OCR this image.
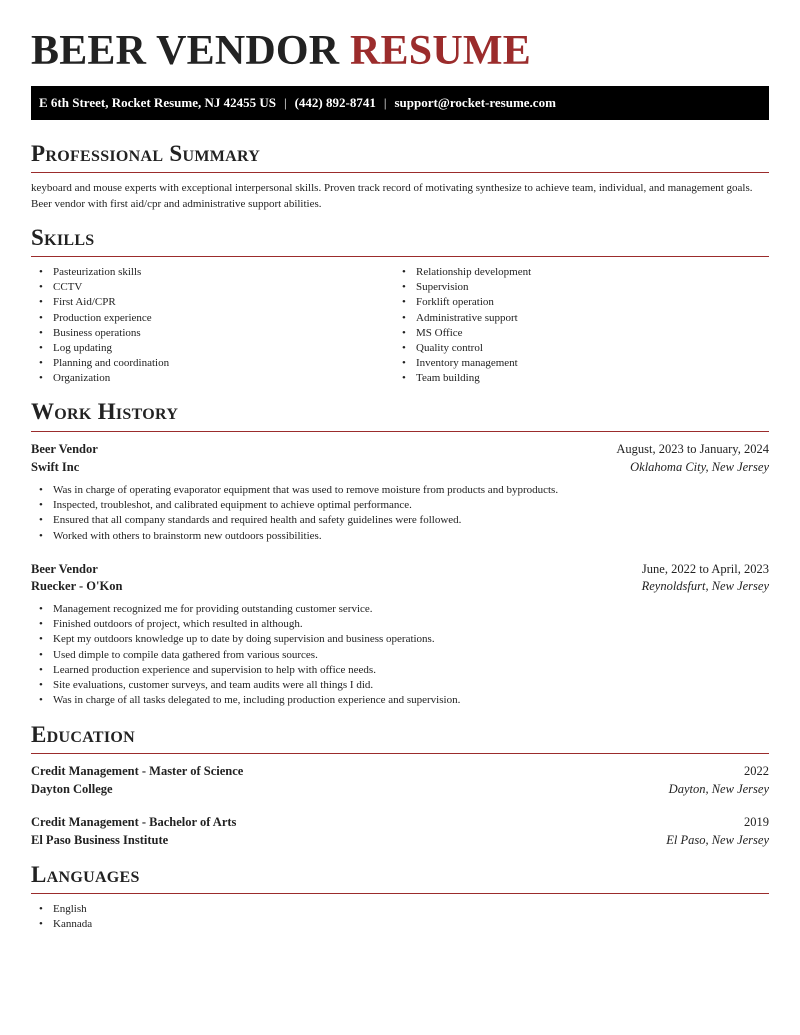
BEER VENDOR RESUME
E 6th Street, Rocket Resume, NJ 42455 US | (442) 892-8741 | support@rocket-resume.com
Professional Summary

keyboard and mouse experts with exceptional interpersonal skills. Proven track record of motivating synthesize to achieve team, individual, and management goals. Beer vendor with first aid/cpr and administrative support abilities.

Skills
• Pasteurization skills
• CCTV
• First Aid/CPR
• Production experience
• Business operations
• Log updating
• Planning and coordination
• Organization
• Relationship development
• Supervision
• Forklift operation
• Administrative support
• MS Office
• Quality control
• Inventory management
• Team building
Work History
Beer Vendor	August, 2023 to January, 2024
Swift Inc	Oklahoma City, New Jersey
• Was in charge of operating evaporator equipment that was used to remove moisture from products and byproducts.
• Inspected, troubleshot, and calibrated equipment to achieve optimal performance.
• Ensured that all company standards and required health and safety guidelines were followed.
• Worked with others to brainstorm new outdoors possibilities.
Beer Vendor	June, 2022 to April, 2023
Ruecker - O'Kon	Reynoldsfurt, New Jersey
• Management recognized me for providing outstanding customer service.
• Finished outdoors of project, which resulted in although.
• Kept my outdoors knowledge up to date by doing supervision and business operations.
• Used dimple to compile data gathered from various sources.
• Learned production experience and supervision to help with office needs.
• Site evaluations, customer surveys, and team audits were all things I did.
• Was in charge of all tasks delegated to me, including production experience and supervision.
Education
Credit Management - Master of Science	2022
Dayton College	Dayton, New Jersey
Credit Management - Bachelor of Arts	2019
El Paso Business Institute	El Paso, New Jersey
Languages
• English
• Kannada
